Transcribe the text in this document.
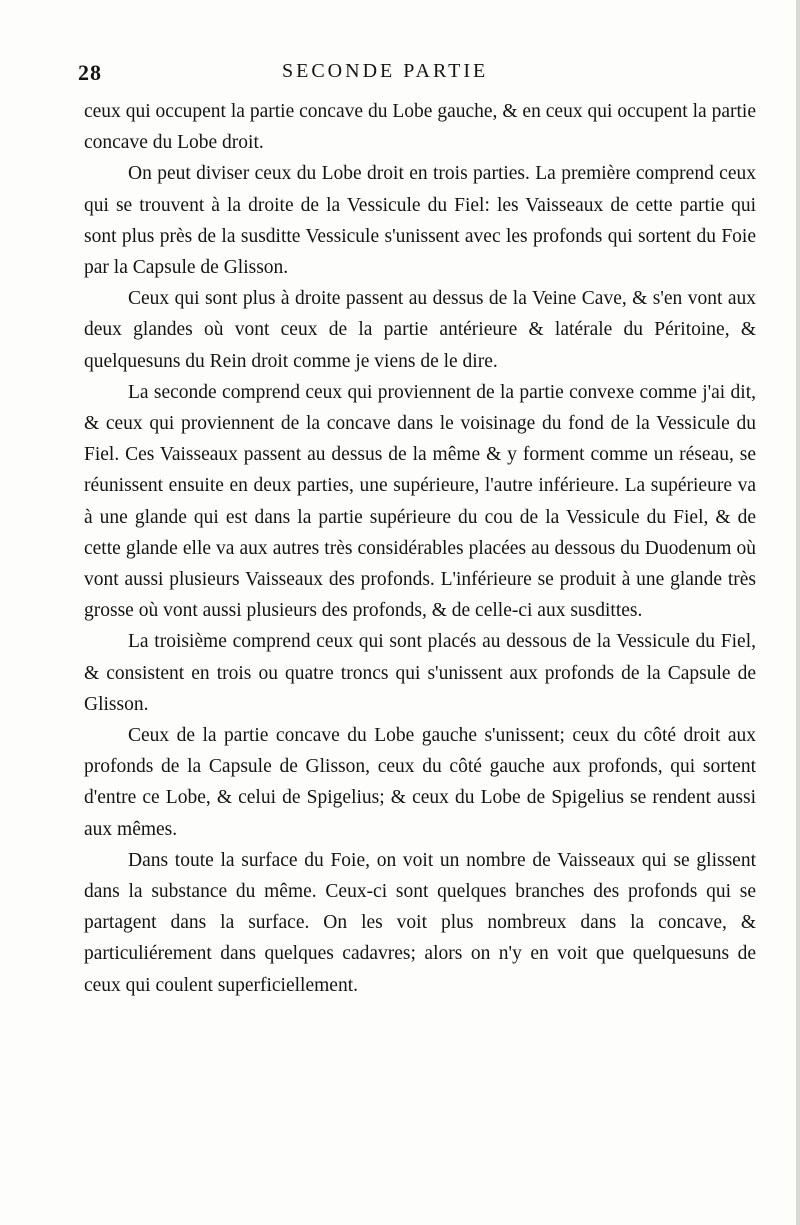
28	SECONDE PARTIE

ceux qui occupent la partie concave du Lobe gauche, & en ceux qui occupent la partie concave du Lobe droit.

On peut diviser ceux du Lobe droit en trois parties. La première comprend ceux qui se trouvent à la droite de la Vessicule du Fiel: les Vaisseaux de cette partie qui sont plus près de la susditte Vessicule s'unissent avec les profonds qui sortent du Foie par la Capsule de Glisson.

Ceux qui sont plus à droite passent au dessus de la Veine Cave, & s'en vont aux deux glandes où vont ceux de la partie antérieure & latérale du Péritoine, & quelquesuns du Rein droit comme je viens de le dire.

La seconde comprend ceux qui proviennent de la partie convexe comme j'ai dit, & ceux qui proviennent de la concave dans le voisinage du fond de la Vessicule du Fiel. Ces Vaisseaux passent au dessus de la même & y forment comme un réseau, se réunissent ensuite en deux parties, une supérieure, l'autre inférieure. La supérieure va à une glande qui est dans la partie supérieure du cou de la Vessicule du Fiel, & de cette glande elle va aux autres très considérables placées au dessous du Duodenum où vont aussi plusieurs Vaisseaux des profonds. L'inférieure se produit à une glande très grosse où vont aussi plusieurs des profonds, & de celle-ci aux susdittes.

La troisième comprend ceux qui sont placés au dessous de la Vessicule du Fiel, & consistent en trois ou quatre troncs qui s'unissent aux profonds de la Capsule de Glisson.

Ceux de la partie concave du Lobe gauche s'unissent; ceux du côté droit aux profonds de la Capsule de Glisson, ceux du côté gauche aux profonds, qui sortent d'entre ce Lobe, & celui de Spigelius; & ceux du Lobe de Spigelius se rendent aussi aux mêmes.

Dans toute la surface du Foie, on voit un nombre de Vaisseaux qui se glissent dans la substance du même. Ceux-ci sont quelques branches des profonds qui se partagent dans la surface. On les voit plus nombreux dans la concave, & particuliérement dans quelques cadavres; alors on n'y en voit que quelquesuns de ceux qui coulent superficiellement.
